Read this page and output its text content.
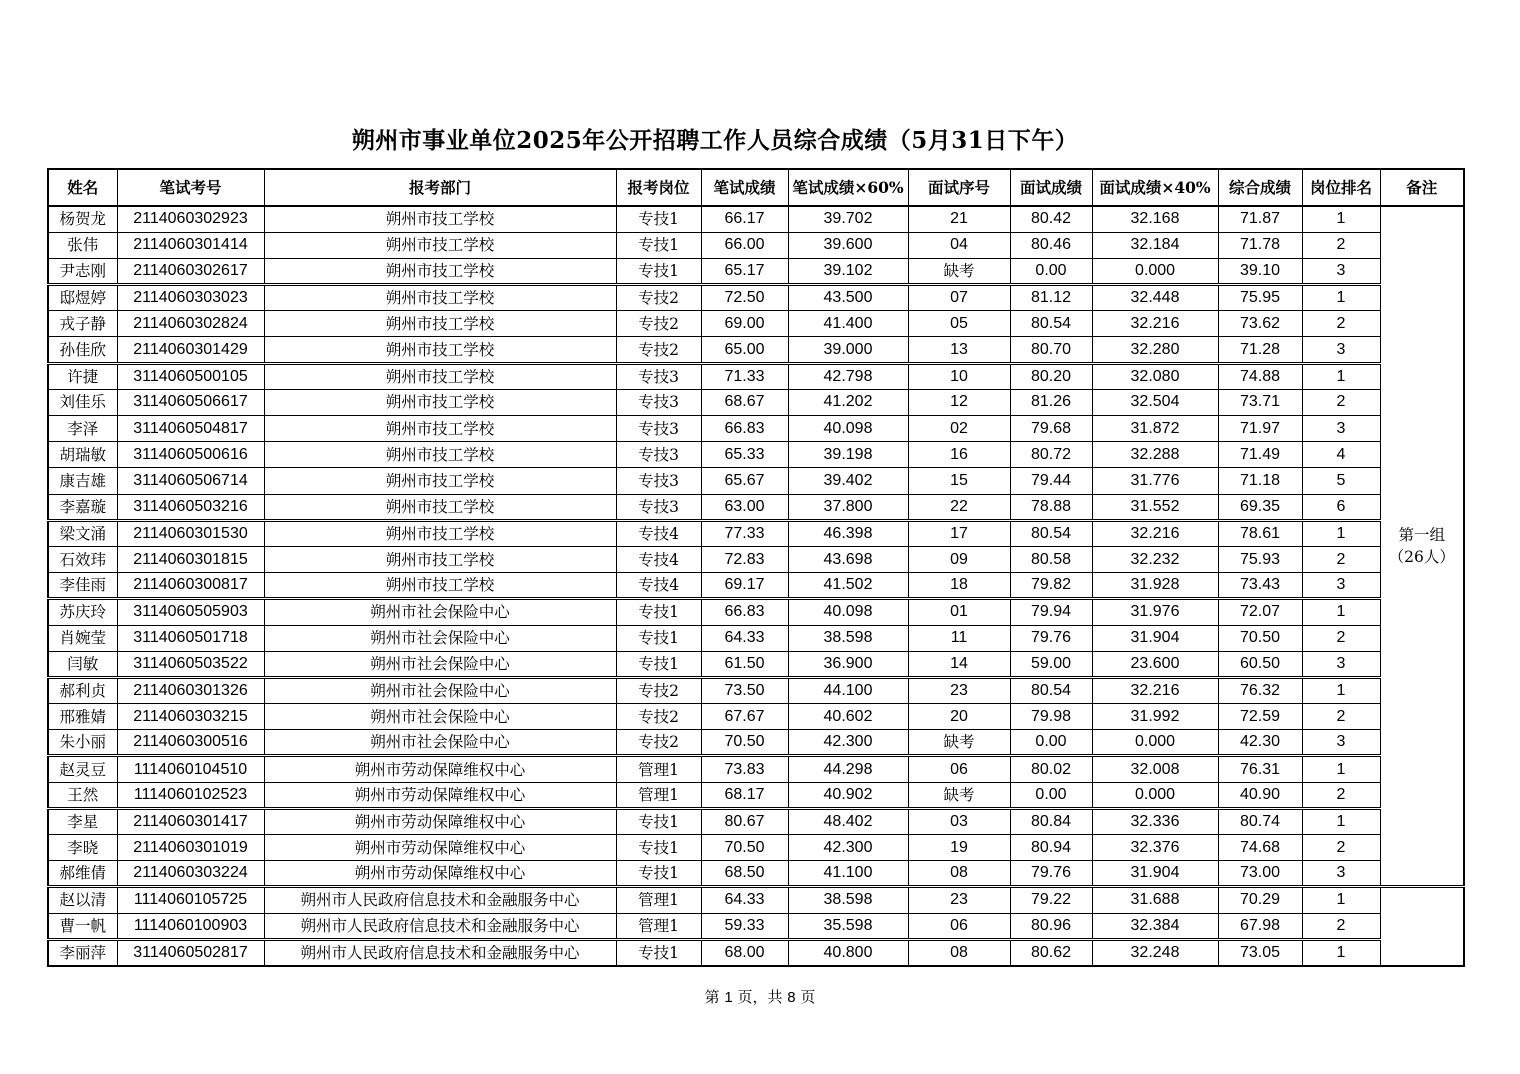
朔州市事业单位2025年公开招聘工作人员综合成绩（5月31日下午）
姓名	笔试考号	报考部门	报考岗位	笔试成绩	笔试成绩×60%	面试序号	面试成绩	面试成绩×40%	综合成绩	岗位排名	备注
杨贺龙	2114060302923	朔州市技工学校	专技1	66.17	39.702	21	80.42	32.168	71.87	1	第一组
（26人）

张伟	2114060301414	朔州市技工学校	专技1	66.00	39.600	04	80.46	32.184	71.78	2	
尹志刚	2114060302617	朔州市技工学校	专技1	65.17	39.102	缺考	0.00	0.000	39.10	3	
邸煜婷	2114060303023	朔州市技工学校	专技2	72.50	43.500	07	81.12	32.448	75.95	1	
戎子静	2114060302824	朔州市技工学校	专技2	69.00	41.400	05	80.54	32.216	73.62	2	
孙佳欣	2114060301429	朔州市技工学校	专技2	65.00	39.000	13	80.70	32.280	71.28	3	
许捷	3114060500105	朔州市技工学校	专技3	71.33	42.798	10	80.20	32.080	74.88	1	
刘佳乐	3114060506617	朔州市技工学校	专技3	68.67	41.202	12	81.26	32.504	73.71	2	
李泽	3114060504817	朔州市技工学校	专技3	66.83	40.098	02	79.68	31.872	71.97	3	
胡瑞敏	3114060500616	朔州市技工学校	专技3	65.33	39.198	16	80.72	32.288	71.49	4	
康吉雄	3114060506714	朔州市技工学校	专技3	65.67	39.402	15	79.44	31.776	71.18	5	
李嘉璇	3114060503216	朔州市技工学校	专技3	63.00	37.800	22	78.88	31.552	69.35	6	
梁文涌	2114060301530	朔州市技工学校	专技4	77.33	46.398	17	80.54	32.216	78.61	1	
石效玮	2114060301815	朔州市技工学校	专技4	72.83	43.698	09	80.58	32.232	75.93	2	
李佳雨	2114060300817	朔州市技工学校	专技4	69.17	41.502	18	79.82	31.928	73.43	3	
苏庆玲	3114060505903	朔州市社会保险中心	专技1	66.83	40.098	01	79.94	31.976	72.07	1	
肖婉莹	3114060501718	朔州市社会保险中心	专技1	64.33	38.598	11	79.76	31.904	70.50	2	
闫敏	3114060503522	朔州市社会保险中心	专技1	61.50	36.900	14	59.00	23.600	60.50	3	
郝利贞	2114060301326	朔州市社会保险中心	专技2	73.50	44.100	23	80.54	32.216	76.32	1	
邢雅婧	2114060303215	朔州市社会保险中心	专技2	67.67	40.602	20	79.98	31.992	72.59	2	
朱小丽	2114060300516	朔州市社会保险中心	专技2	70.50	42.300	缺考	0.00	0.000	42.30	3	
赵灵豆	1114060104510	朔州市劳动保障维权中心	管理1	73.83	44.298	06	80.02	32.008	76.31	1	
王然	1114060102523	朔州市劳动保障维权中心	管理1	68.17	40.902	缺考	0.00	0.000	40.90	2	
李星	2114060301417	朔州市劳动保障维权中心	专技1	80.67	48.402	03	80.84	32.336	80.74	1	
李晓	2114060301019	朔州市劳动保障维权中心	专技1	70.50	42.300	19	80.94	32.376	74.68	2	
郝维倩	2114060303224	朔州市劳动保障维权中心	专技1	68.50	41.100	08	79.76	31.904	73.00	3	
赵以清	1114060105725	朔州市人民政府信息技术和金融服务中心	管理1	64.33	38.598	23	79.22	31.688	70.29	1	
曹一帆	1114060100903	朔州市人民政府信息技术和金融服务中心	管理1	59.33	35.598	06	80.96	32.384	67.98	2	
李丽萍	3114060502817	朔州市人民政府信息技术和金融服务中心	专技1	68.00	40.800	08	80.62	32.248	73.05	1	
第 1 页，共 8 页
